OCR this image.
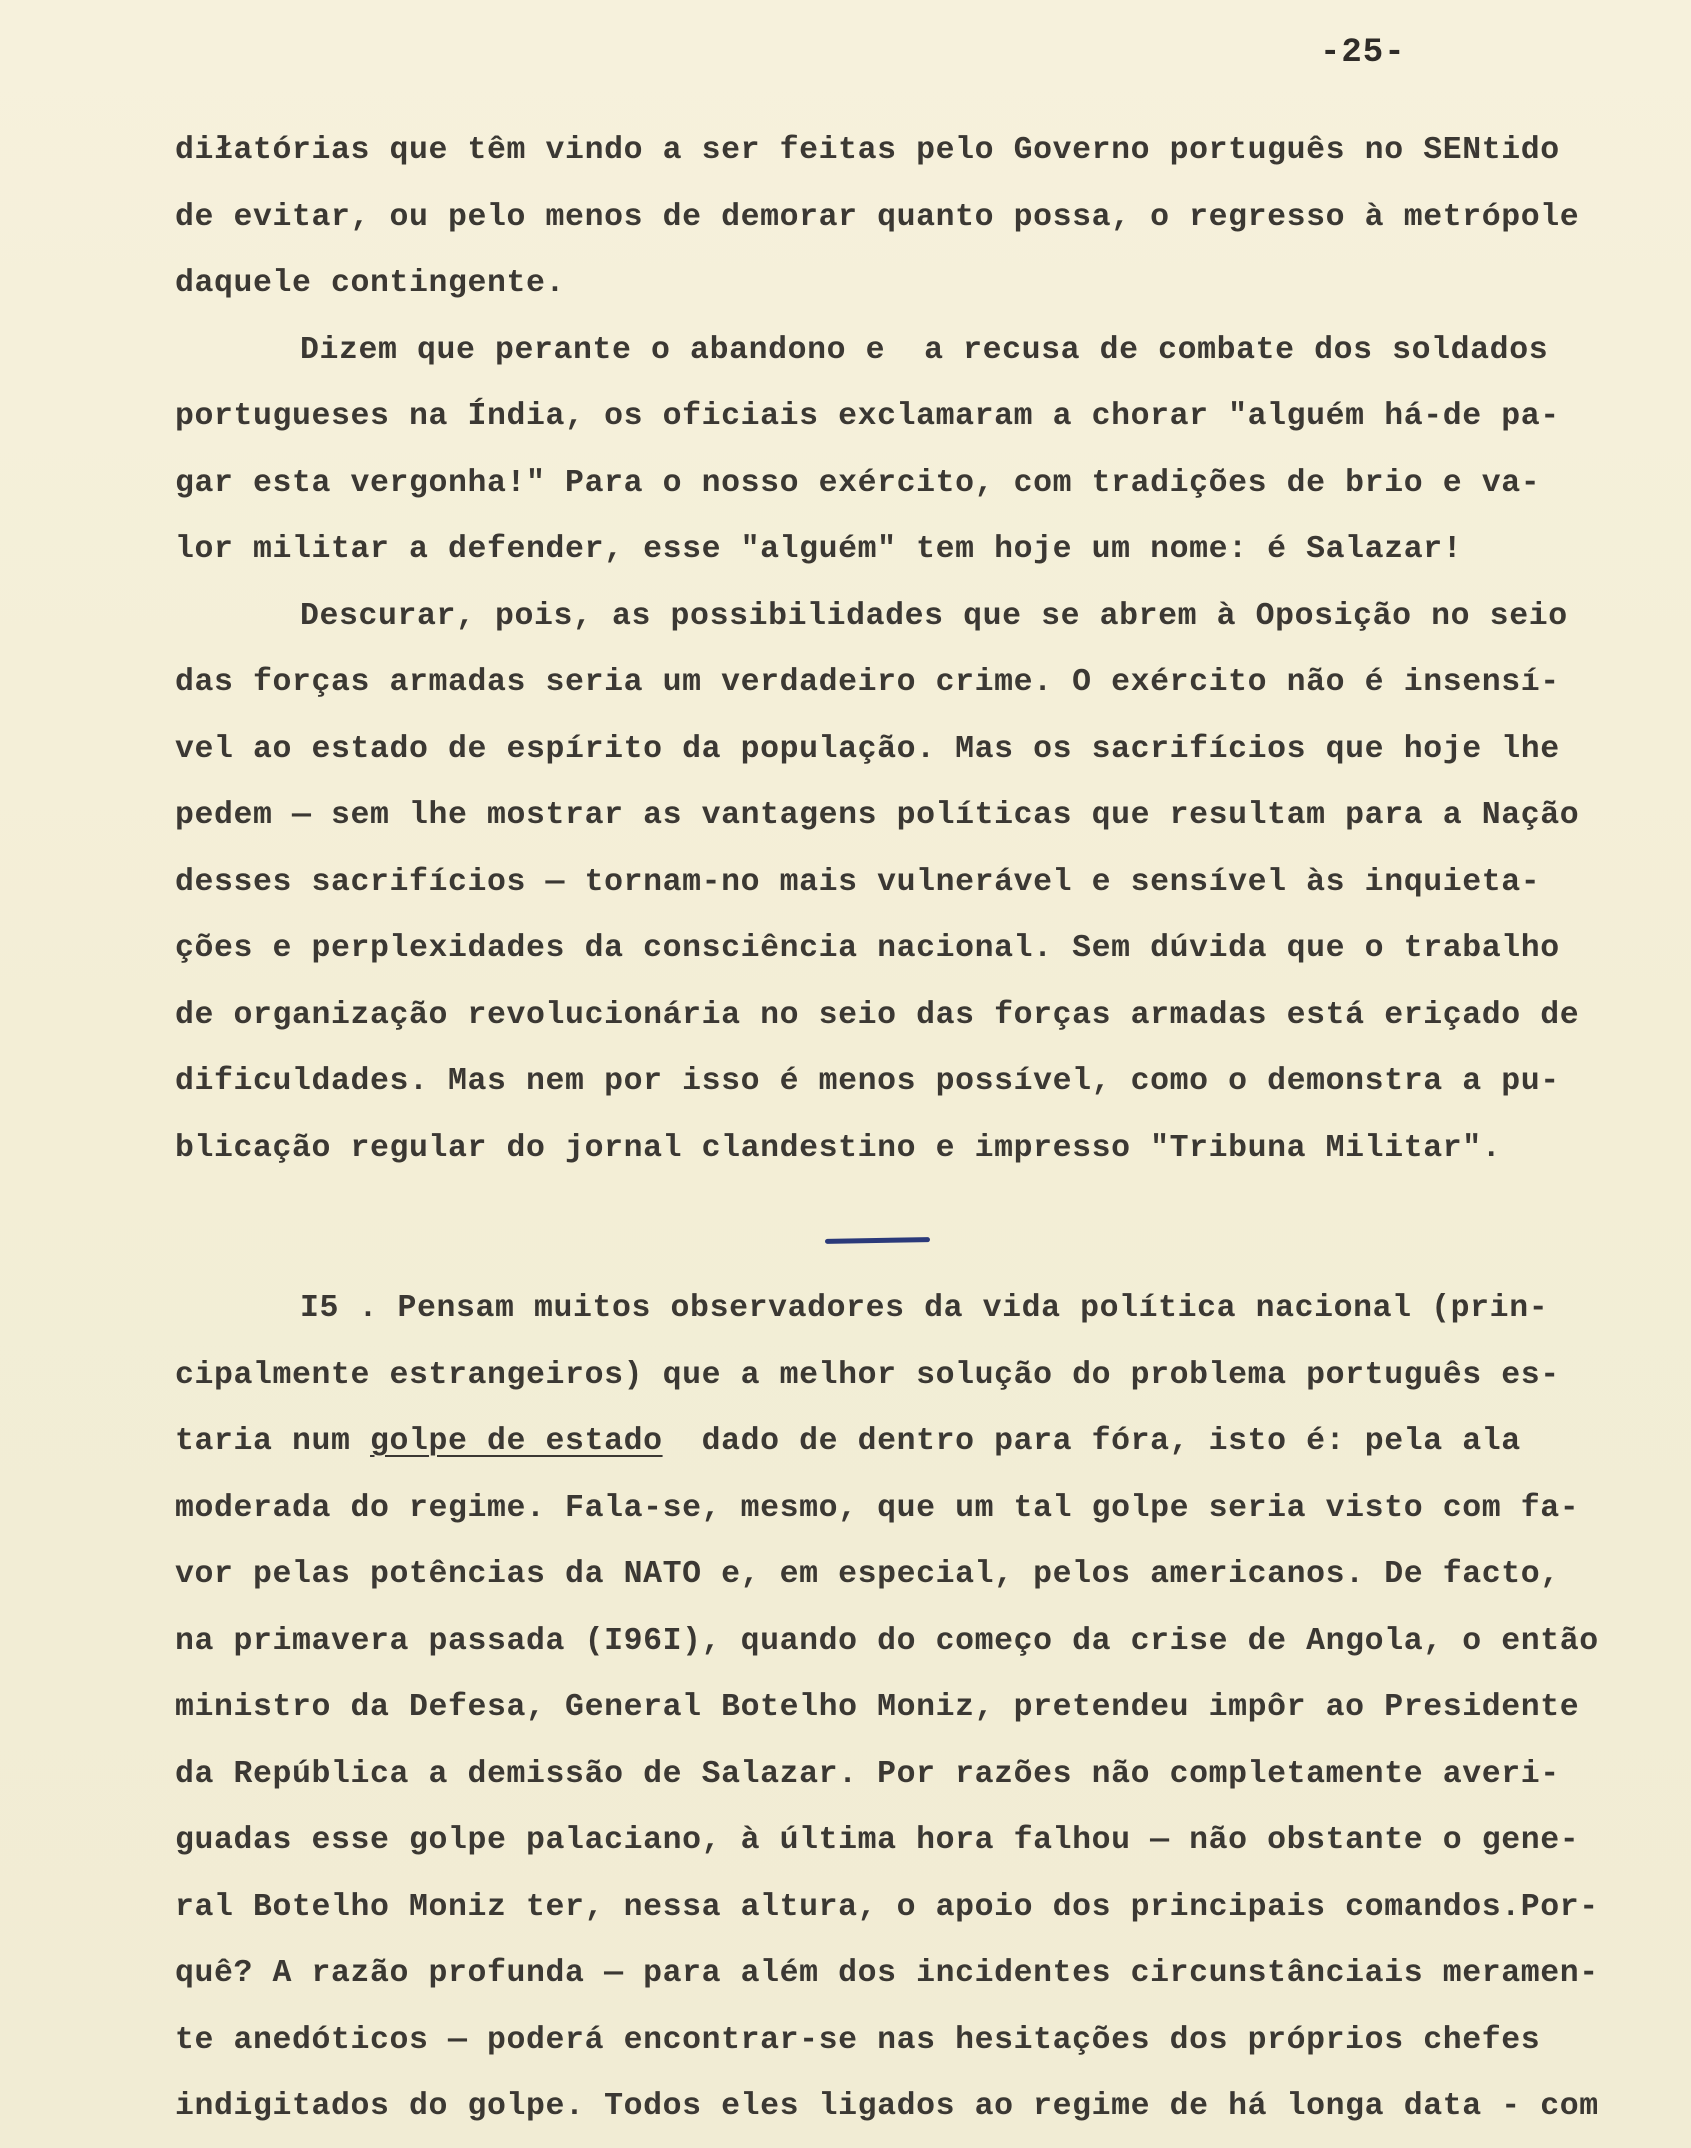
-25-
diłatórias que têm vindo a ser feitas pelo Governo português no SENtido
de evitar, ou pelo menos de demorar quanto possa, o regresso à metrópole
daquele contingente.
Dizem que perante o abandono e  a recusa de combate dos soldados
portugueses na Índia, os oficiais exclamaram a chorar "alguém há-de pa-
gar esta vergonha!" Para o nosso exército, com tradições de brio e va-
lor militar a defender, esse "alguém" tem hoje um nome: é Salazar!
Descurar, pois, as possibilidades que se abrem à Oposição no seio
das forças armadas seria um verdadeiro crime. O exército não é insensí-
vel ao estado de espírito da população. Mas os sacrifícios que hoje lhe
pedem — sem lhe mostrar as vantagens políticas que resultam para a Nação
desses sacrifícios — tornam-no mais vulnerável e sensível às inquieta-
ções e perplexidades da consciência nacional. Sem dúvida que o trabalho
de organização revolucionária no seio das forças armadas está eriçado de
dificuldades. Mas nem por isso é menos possível, como o demonstra a pu-
blicação regular do jornal clandestino e impresso "Tribuna Militar".
I5 . Pensam muitos observadores da vida política nacional (prin-
cipalmente estrangeiros) que a melhor solução do problema português es-
taria num golpe de estado  dado de dentro para fóra, isto é: pela ala
moderada do regime. Fala-se, mesmo, que um tal golpe seria visto com fa-
vor pelas potências da NATO e, em especial, pelos americanos. De facto,
na primavera passada (I96I), quando do começo da crise de Angola, o então
ministro da Defesa, General Botelho Moniz, pretendeu impôr ao Presidente
da República a demissão de Salazar. Por razões não completamente averi-
guadas esse golpe palaciano, à última hora falhou — não obstante o gene-
ral Botelho Moniz ter, nessa altura, o apoio dos principais comandos.Por-
quê? A razão profunda — para além dos incidentes circunstânciais meramen-
te anedóticos — poderá encontrar-se nas hesitações dos próprios chefes
indigitados do golpe. Todos eles ligados ao regime de há longa data - com
